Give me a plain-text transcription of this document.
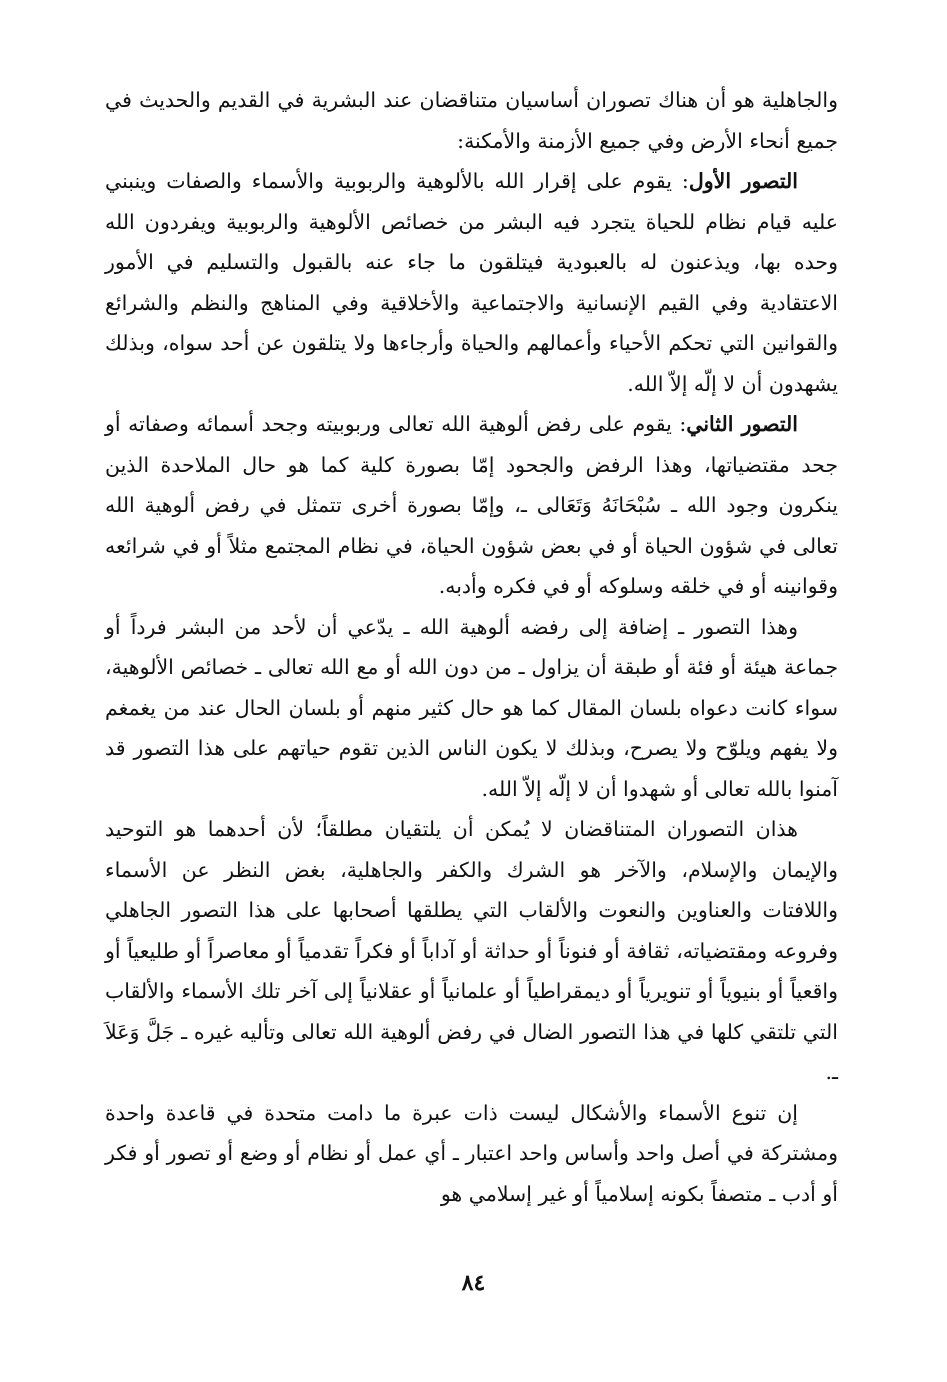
والجاهلية هو أن هناك تصوران أساسيان متناقضان عند البشرية في القديم والحديث في جميع أنحاء الأرض وفي جميع الأزمنة والأمكنة:

التصور الأول: يقوم على إقرار الله بالألوهية والربوبية والأسماء والصفات وينبني عليه قيام نظام للحياة يتجرد فيه البشر من خصائص الألوهية والربوبية ويفردون الله وحده بها، ويذعنون له بالعبودية فيتلقون ما جاء عنه بالقبول والتسليم في الأمور الاعتقادية وفي القيم الإنسانية والاجتماعية والأخلاقية وفي المناهج والنظم والشرائع والقوانين التي تحكم الأحياء وأعمالهم والحياة وأرجاءها ولا يتلقون عن أحد سواه، وبذلك يشهدون أن لا إلّه إلاّ الله.

التصور الثاني: يقوم على رفض ألوهية الله تعالى وربوبيته وجحد أسمائه وصفاته أو جحد مقتضياتها، وهذا الرفض والجحود إمّا بصورة كلية كما هو حال الملاحدة الذين ينكرون وجود الله ـ سُبْحَانَهُ وَتَعَالى ـ، وإمّا بصورة أخرى تتمثل في رفض ألوهية الله تعالى في شؤون الحياة أو في بعض شؤون الحياة، في نظام المجتمع مثلاً أو في شرائعه وقوانينه أو في خلقه وسلوكه أو في فكره وأدبه.

وهذا التصور ـ إضافة إلى رفضه ألوهية الله ـ يدّعي أن لأحد من البشر فرداً أو جماعة هيئة أو فئة أو طبقة أن يزاول ـ من دون الله أو مع الله تعالى ـ خصائص الألوهية، سواء كانت دعواه بلسان المقال كما هو حال كثير منهم أو بلسان الحال عند من يغمغم ولا يفهم ويلوّح ولا يصرح، وبذلك لا يكون الناس الذين تقوم حياتهم على هذا التصور قد آمنوا بالله تعالى أو شهدوا أن لا إلّه إلاّ الله.

هذان التصوران المتناقضان لا يُمكن أن يلتقيان مطلقاً؛ لأن أحدهما هو التوحيد والإيمان والإسلام، والآخر هو الشرك والكفر والجاهلية، بغض النظر عن الأسماء واللافتات والعناوين والنعوت والألقاب التي يطلقها أصحابها على هذا التصور الجاهلي وفروعه ومقتضياته، ثقافة أو فنوناً أو حداثة أو آداباً أو فكراً تقدمياً أو معاصراً أو طليعياً أو واقعياً أو بنيوياً أو تنويرياً أو ديمقراطياً أو علمانياً أو عقلانياً إلى آخر تلك الأسماء والألقاب التي تلتقي كلها في هذا التصور الضال في رفض ألوهية الله تعالى وتأليه غيره ـ جَلَّ وَعَلاَ ـ.

إن تنوع الأسماء والأشكال ليست ذات عبرة ما دامت متحدة في قاعدة واحدة ومشتركة في أصل واحد وأساس واحد اعتبار ـ أي عمل أو نظام أو وضع أو تصور أو فكر أو أدب ـ متصفاً بكونه إسلامياً أو غير إسلامي هو

٨٤
